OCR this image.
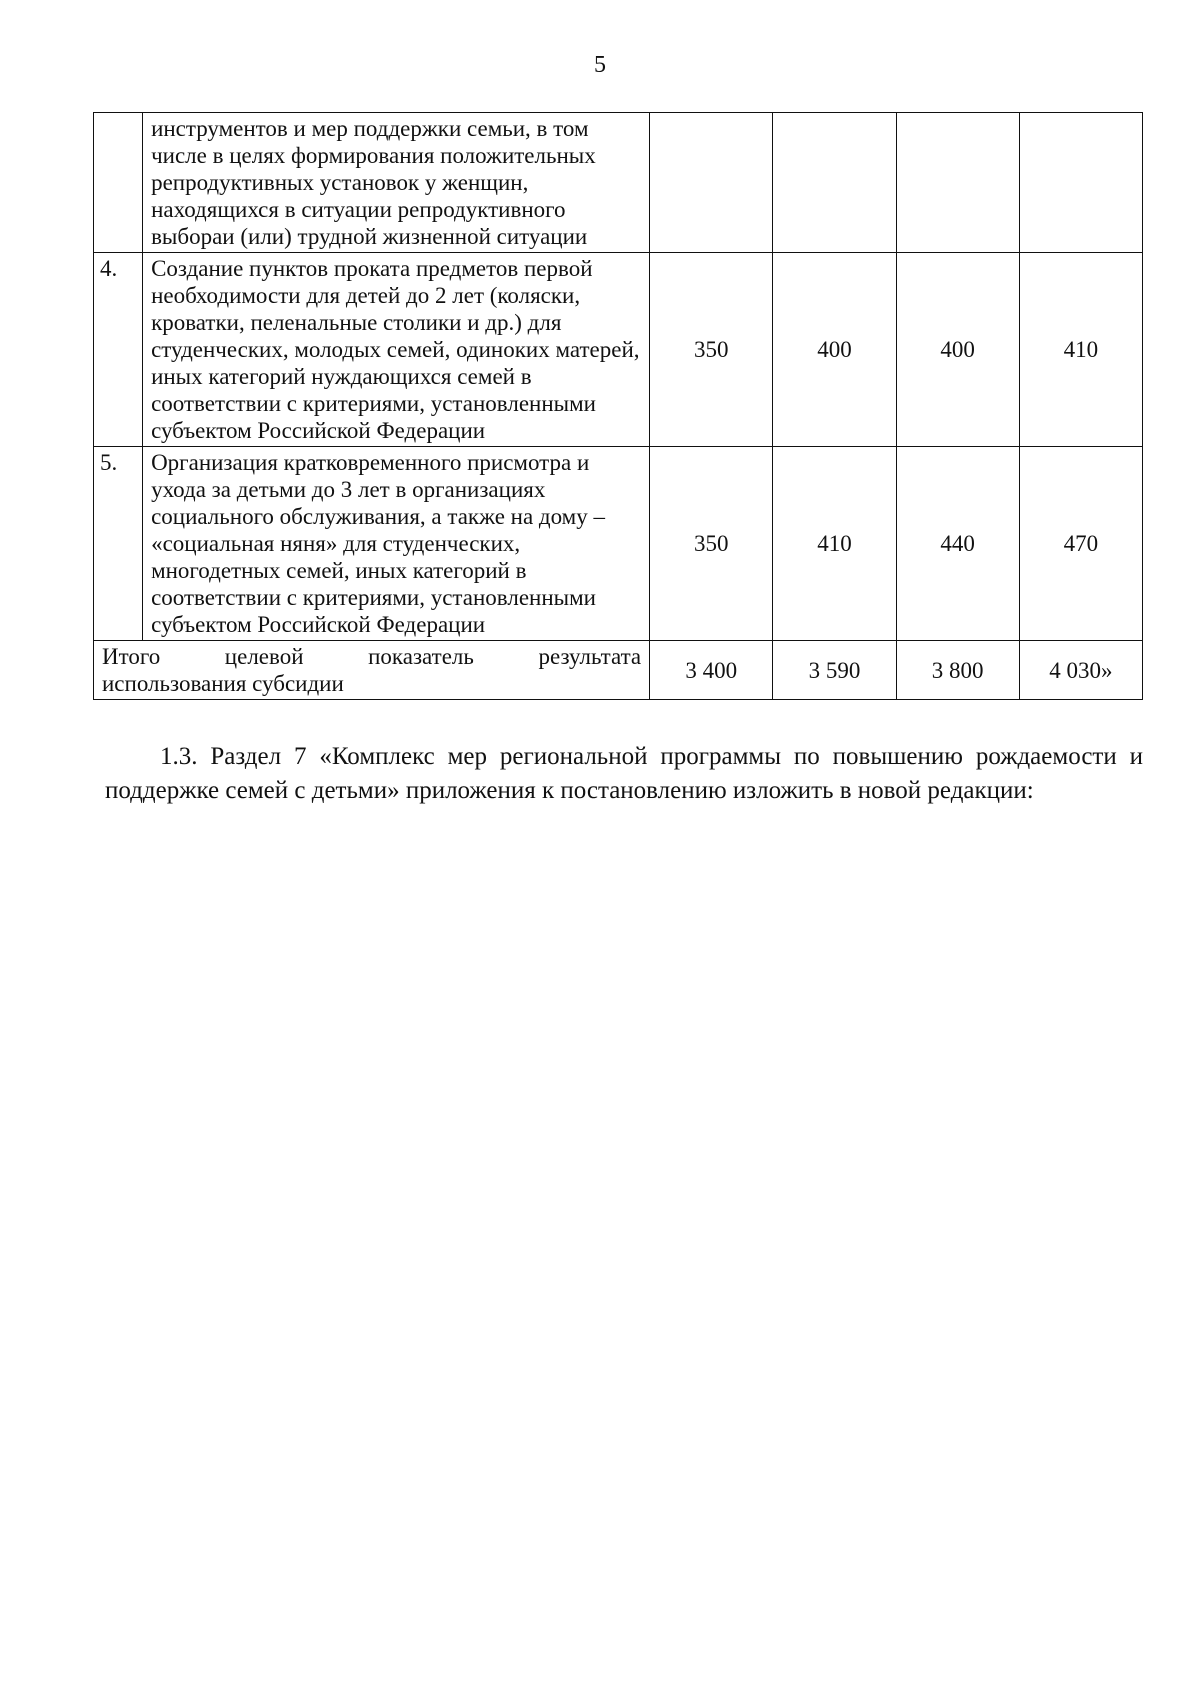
5
	инструментов и мер поддержки семьи, в том числе в целях формирования положительных репродуктивных установок у женщин, находящихся в ситуации репродуктивного выбораи (или) трудной жизненной ситуации				
4.	Создание пунктов проката предметов первой необходимости для детей до 2 лет (коляски, кроватки, пеленальные столики и др.) для студенческих, молодых семей, одиноких матерей, иных категорий нуждающихся семей в соответствии с критериями, установленными субъектом Российской Федерации	350	400	400	410
5.	Организация кратковременного присмотра и ухода за детьми до 3 лет в организациях социального обслуживания, а также на дому – «социальная няня» для студенческих, многодетных семей, иных категорий в соответствии с критериями, установленными субъектом Российской Федерации	350	410	440	470

Итого целевой показатель результата
использования субсидии		3 400	3 590	3 800	4 030»
1.3. Раздел 7 «Комплекс мер региональной программы по повышению рождаемости и поддержке семей с детьми» приложения к постановлению изложить в новой редакции:
